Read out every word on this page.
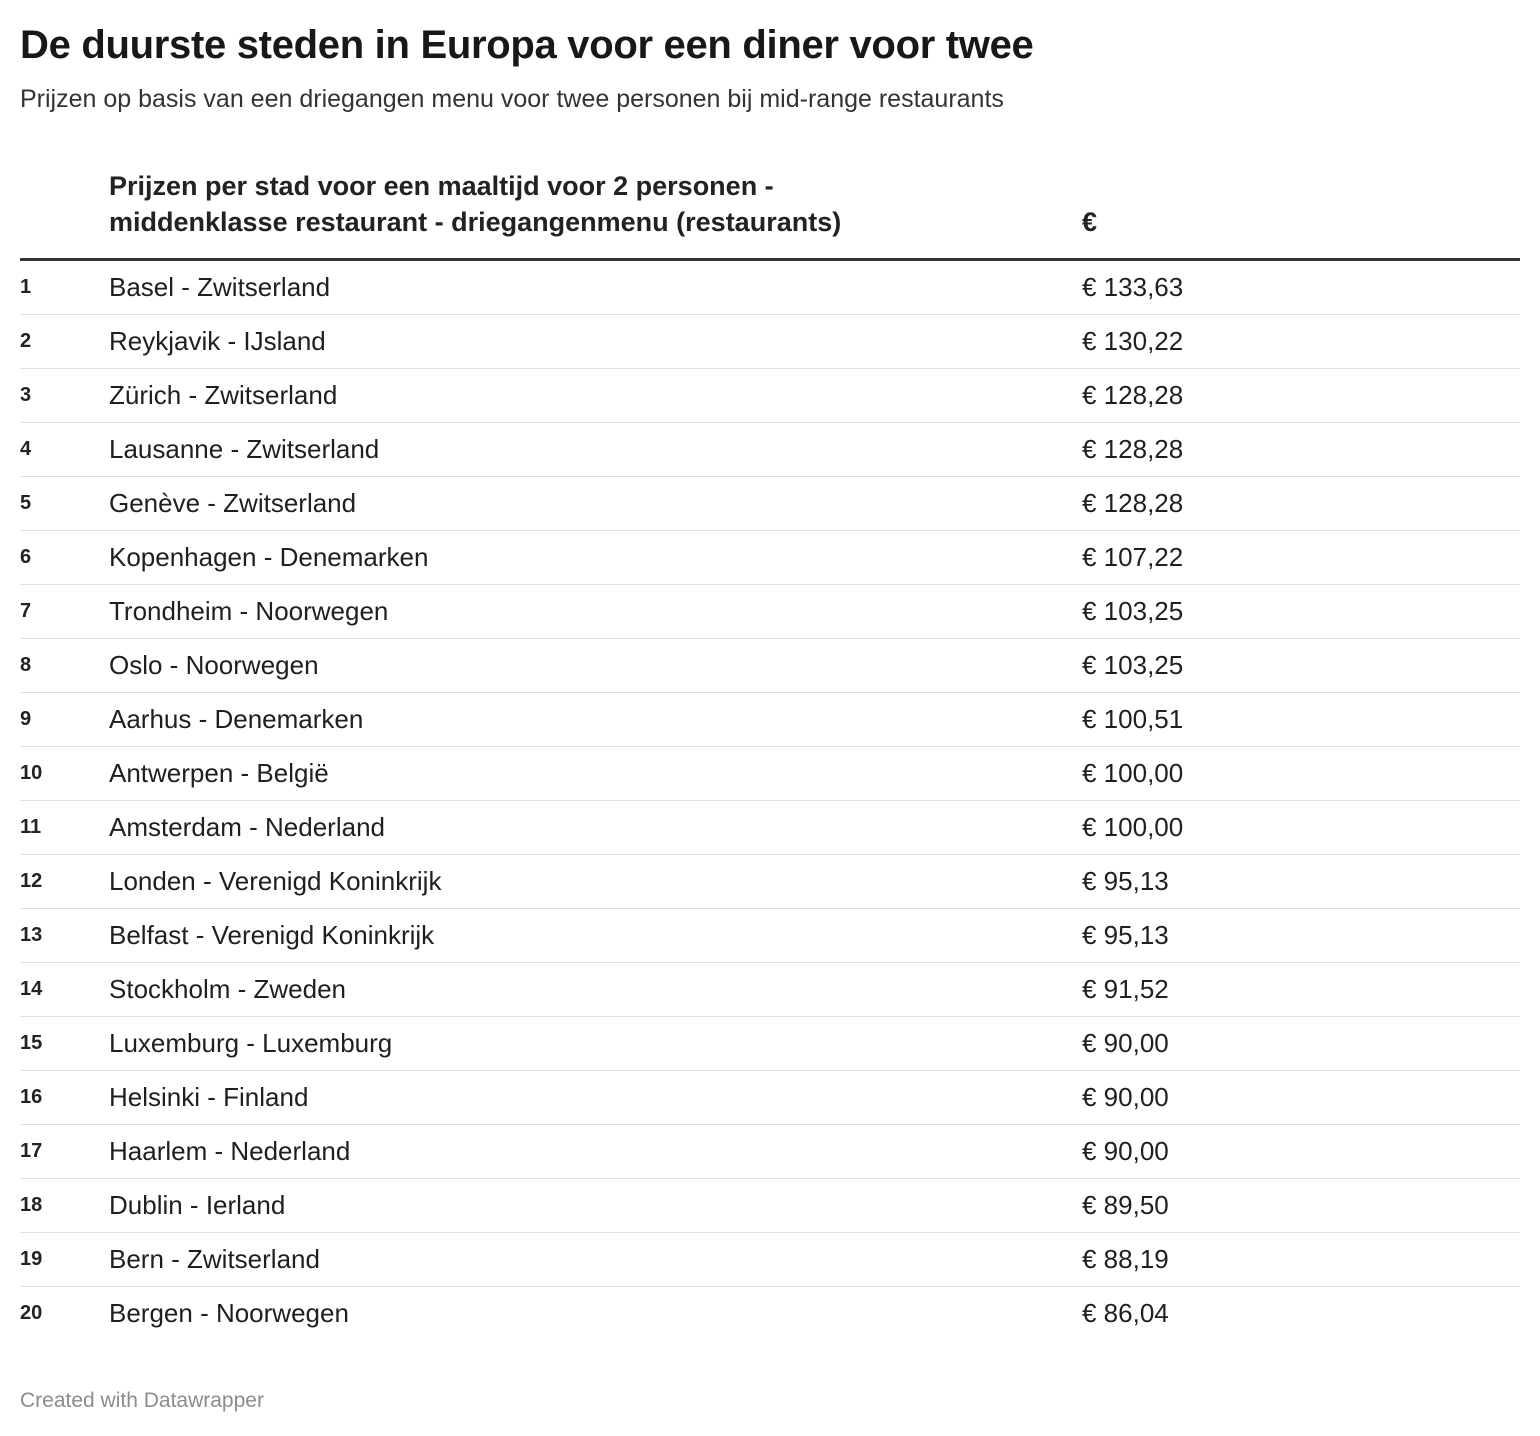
De duurste steden in Europa voor een diner voor twee

Prijzen op basis van een driegangen menu voor twee personen bij mid-range restaurants

	Prijzen per stad voor een maaltijd voor 2 personen - middenklasse restaurant - driegangenmenu (restaurants)	€
1	Basel - Zwitserland	€ 133,63
2	Reykjavik - IJsland	€ 130,22
3	Zürich - Zwitserland	€ 128,28
4	Lausanne - Zwitserland	€ 128,28
5	Genève - Zwitserland	€ 128,28
6	Kopenhagen - Denemarken	€ 107,22
7	Trondheim - Noorwegen	€ 103,25
8	Oslo - Noorwegen	€ 103,25
9	Aarhus - Denemarken	€ 100,51
10	Antwerpen - België	€ 100,00
11	Amsterdam - Nederland	€ 100,00
12	Londen - Verenigd Koninkrijk	€ 95,13
13	Belfast - Verenigd Koninkrijk	€ 95,13
14	Stockholm - Zweden	€ 91,52
15	Luxemburg - Luxemburg	€ 90,00
16	Helsinki - Finland	€ 90,00
17	Haarlem - Nederland	€ 90,00
18	Dublin - Ierland	€ 89,50
19	Bern - Zwitserland	€ 88,19
20	Bergen - Noorwegen	€ 86,04
Created with Datawrapper
